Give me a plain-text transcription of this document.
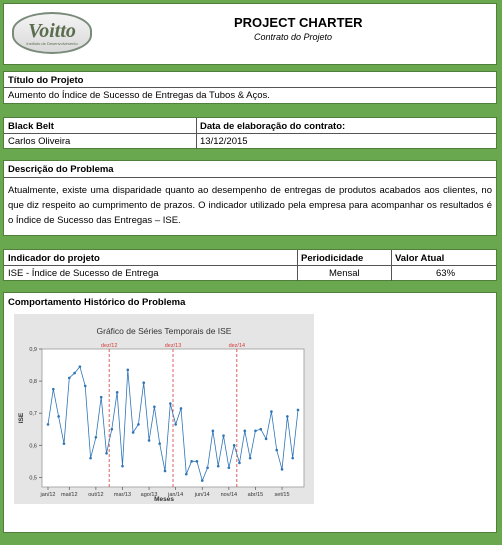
Voitto
Instituto de Desenvolvimento
PROJECT CHARTER
Contrato do Projeto
Título do Projeto
Aumento do Índice de Sucesso de Entregas da Tubos & Aços.
Black Belt	Data de elaboração do contrato:
Carlos Oliveira	13/12/2015
Descrição do Problema
Atualmente, existe uma disparidade quanto ao desempenho de entregas de produtos acabados aos clientes, no que diz respeito ao cumprimento de prazos. O indicador utilizado pela empresa para acompanhar os resultados é o Índice de Sucesso das Entregas – ISE.
Indicador do projeto	Periodicidade	Valor Atual
ISE - Índice de Sucesso de Entrega	Mensal	63%
Comportamento Histórico do Problema
Gráfico de Séries Temporais de ISE
Meses
ISE
dez/12	dez/13	dez/14
0,5
0,6
0,7
0,8
0,9
jan/12 mai/12 out/12 mar/13 ago/13 jan/14 jun/14 nov/14 abr/15 set/15
